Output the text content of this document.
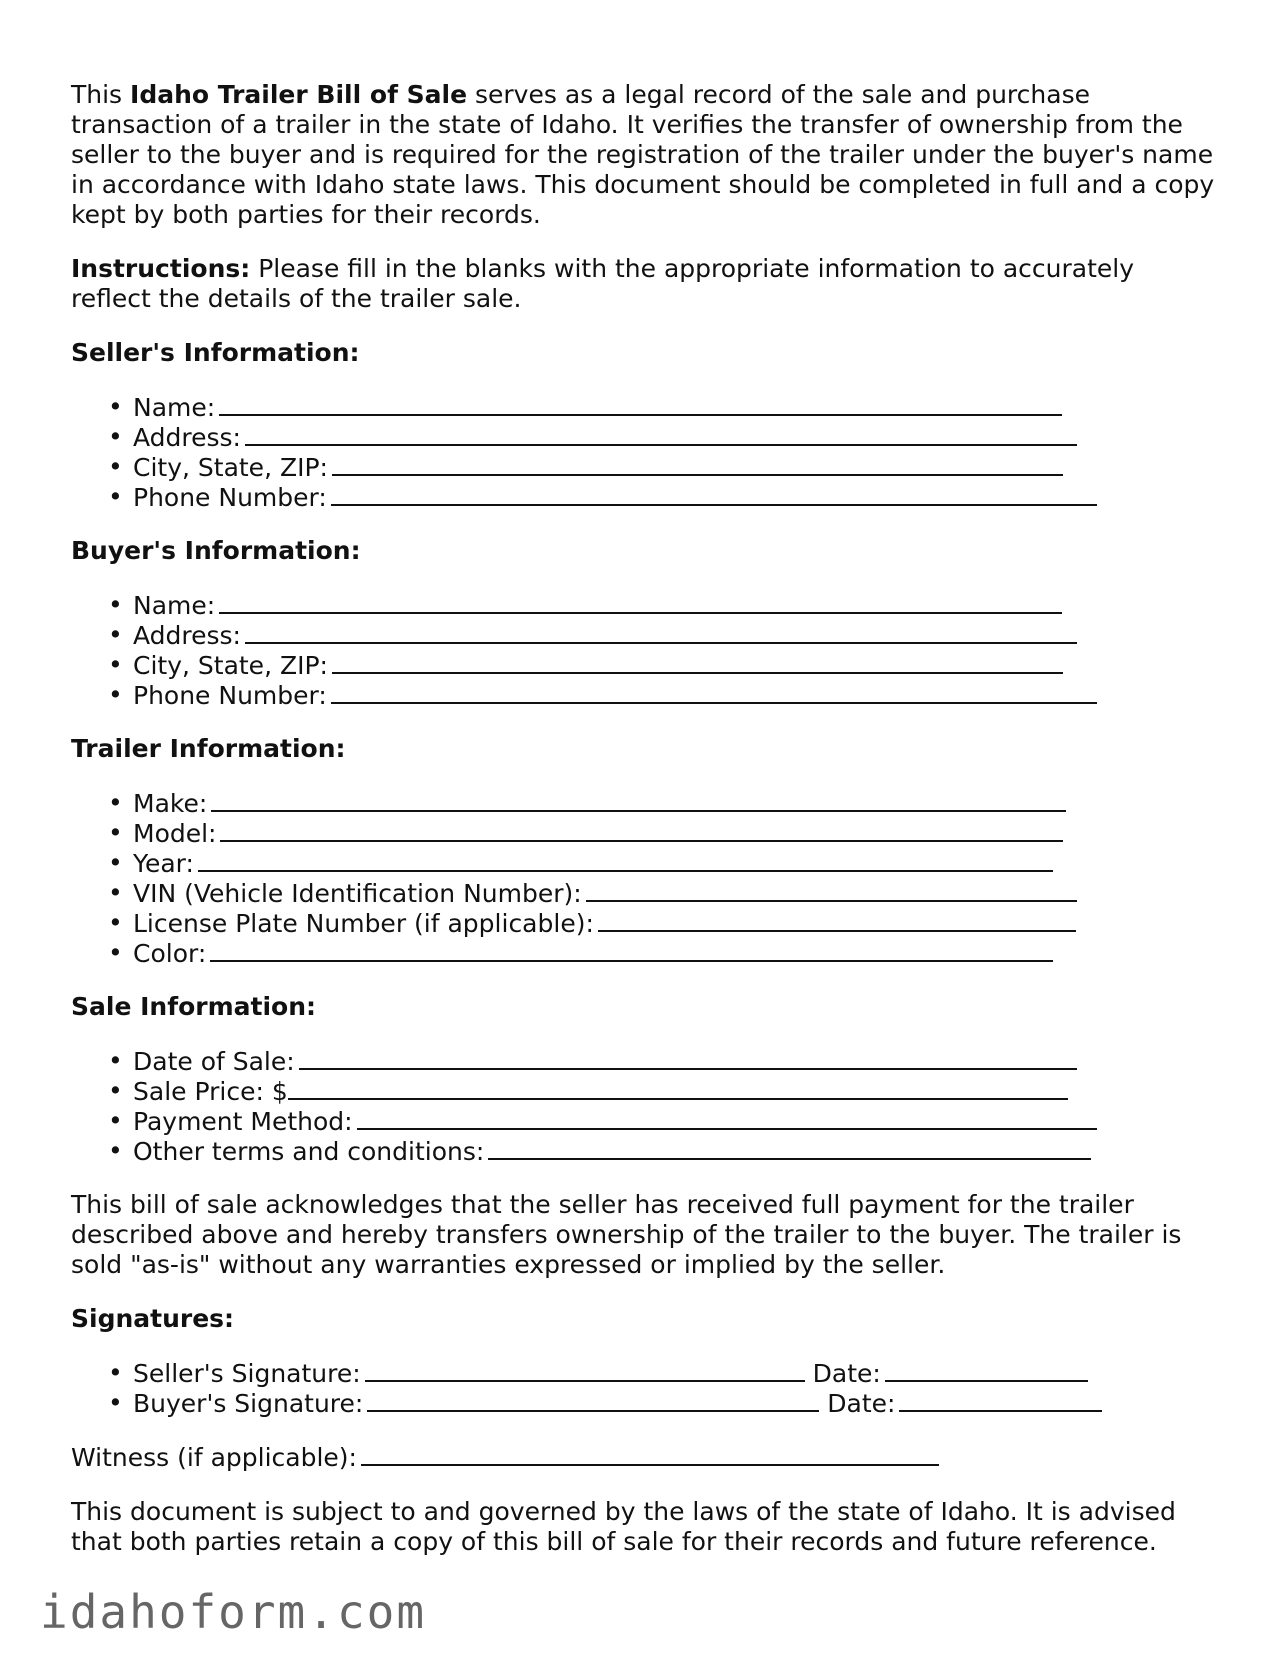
This Idaho Trailer Bill of Sale serves as a legal record of the sale and purchase transaction of a trailer in the state of Idaho. It verifies the transfer of ownership from the seller to the buyer and is required for the registration of the trailer under the buyer's name in accordance with Idaho state laws. This document should be completed in full and a copy kept by both parties for their records.

Instructions: Please fill in the blanks with the appropriate information to accurately reflect the details of the trailer sale.

Seller's Information:
• Name:
• Address:
• City, State, ZIP:
• Phone Number:
Buyer's Information:
• Name:
• Address:
• City, State, ZIP:
• Phone Number:
Trailer Information:
• Make:
• Model:
• Year:
• VIN (Vehicle Identification Number):
• License Plate Number (if applicable):
• Color:
Sale Information:
• Date of Sale:
• Sale Price: $
• Payment Method:
• Other terms and conditions:

This bill of sale acknowledges that the seller has received full payment for the trailer described above and hereby transfers ownership of the trailer to the buyer. The trailer is sold "as-is" without any warranties expressed or implied by the seller.

Signatures:
• Seller's Signature:	Date:
• Buyer's Signature:	Date:
Witness (if applicable):

This document is subject to and governed by the laws of the state of Idaho. It is advised that both parties retain a copy of this bill of sale for their records and future reference.

idahoform.com
